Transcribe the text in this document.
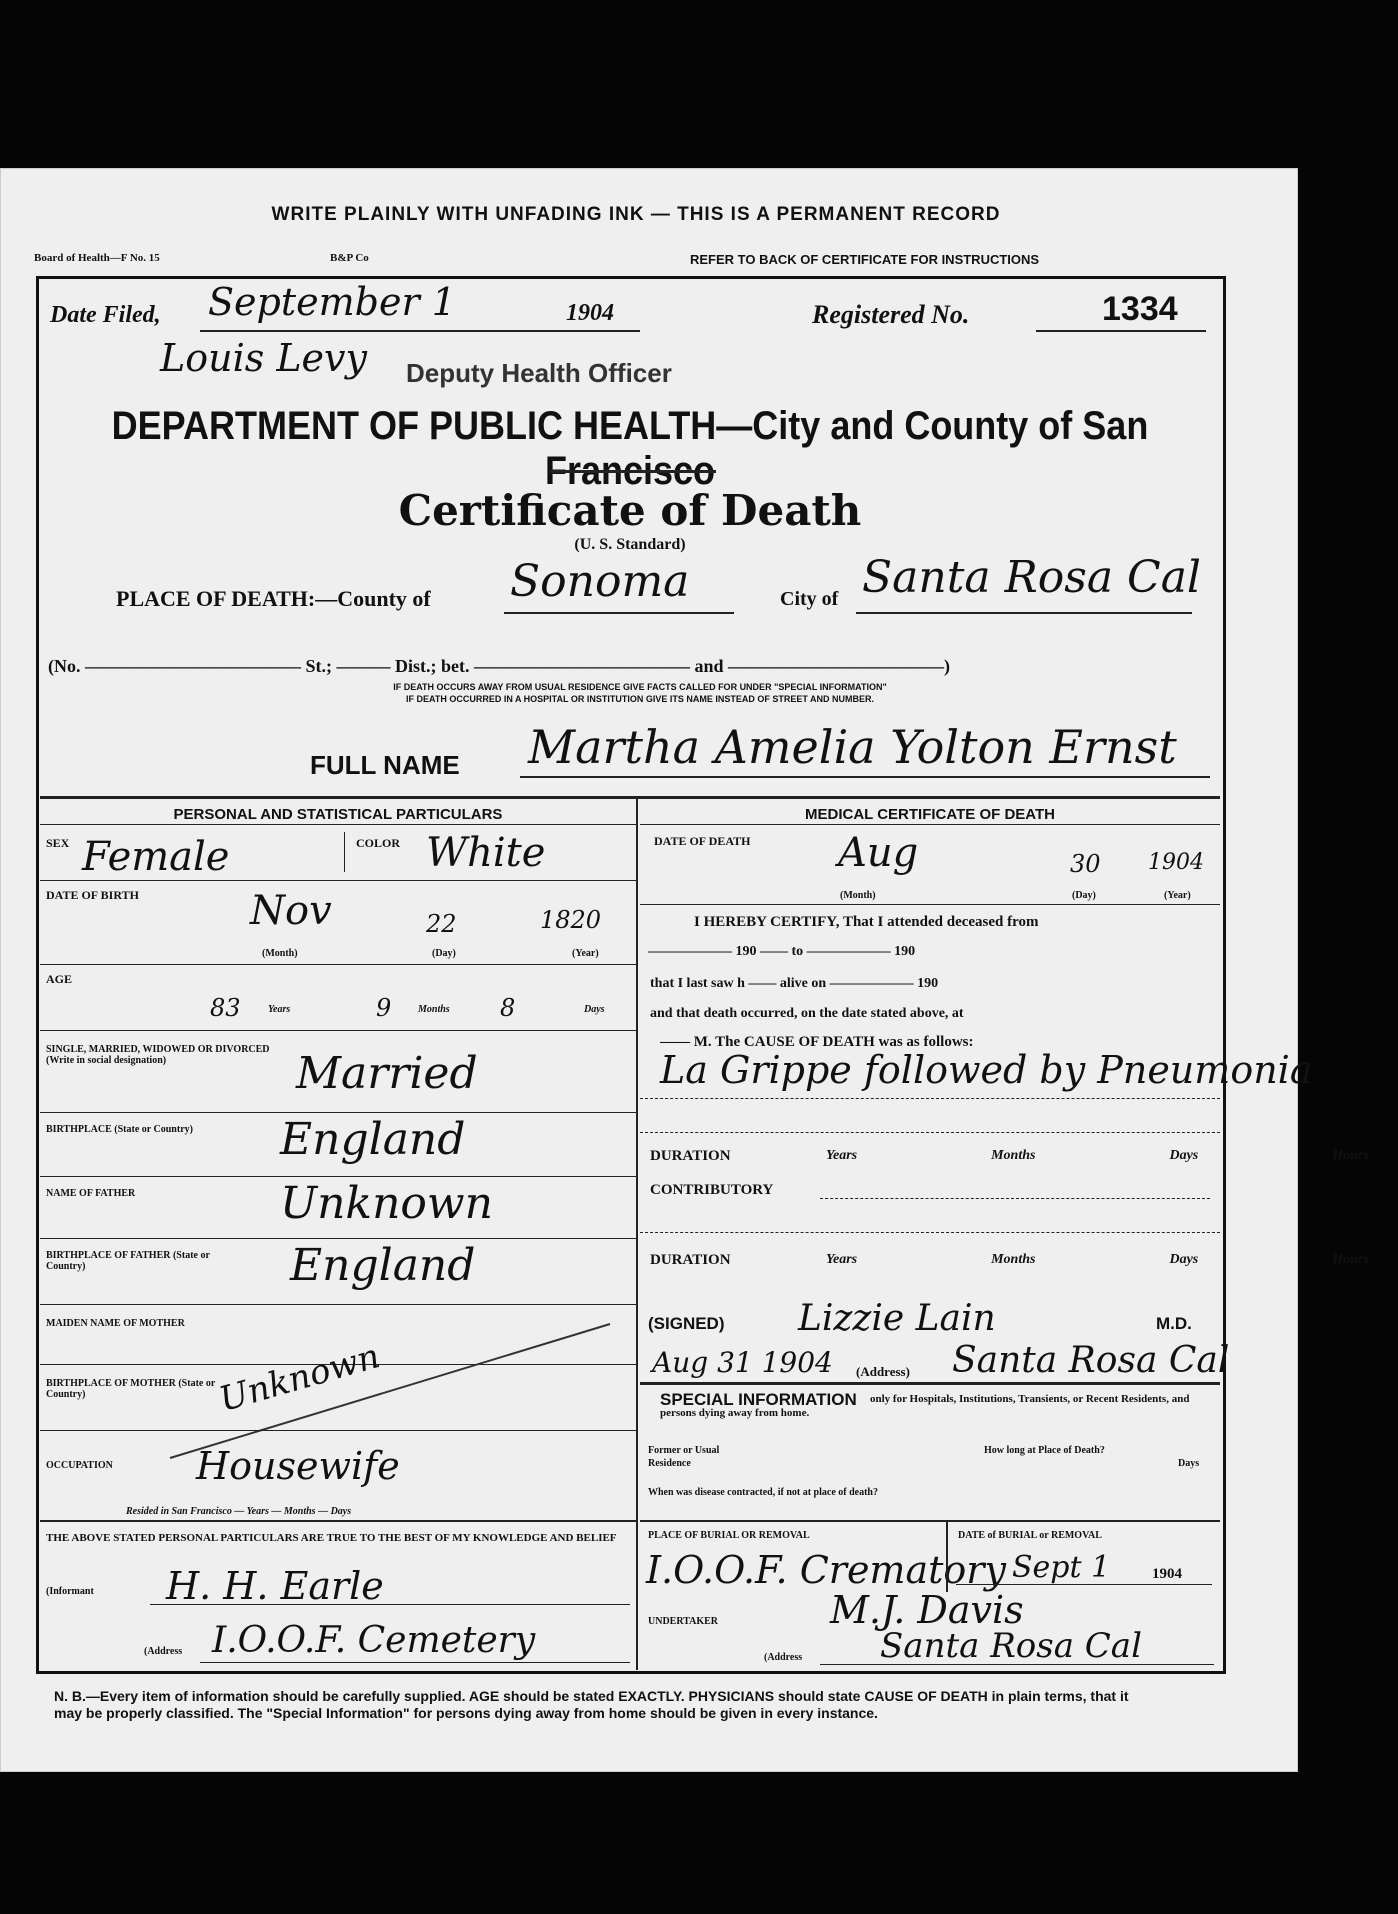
WRITE PLAINLY WITH UNFADING INK — THIS IS A PERMANENT RECORD
Board of Health—F No. 15	B&P Co	REFER TO BACK OF CERTIFICATE FOR INSTRUCTIONS
Date Filed, September 1	1904	Registered No.	1334
Louis Levy Deputy Health Officer
DEPARTMENT OF PUBLIC HEALTH—City and County of San Francisco
Certificate of Death
(U. S. Standard)
PLACE OF DEATH:—County of Sonoma	City of Santa Rosa Cal
(No. ———————————— St.; ——— Dist.; bet. ———————————— and ————————————)
IF DEATH OCCURS AWAY FROM USUAL RESIDENCE GIVE FACTS CALLED FOR UNDER "SPECIAL INFORMATION"
IF DEATH OCCURRED IN A HOSPITAL OR INSTITUTION GIVE ITS NAME INSTEAD OF STREET AND NUMBER.
FULL NAME Martha Amelia Yolton Ernst
PERSONAL AND STATISTICAL PARTICULARS
SEX Female	COLOR White
DATE OF BIRTH	Nov	22	1820
(Month)	(Day)	(Year)
AGE
83	Years	9	Months 8	Days
SINGLE, MARRIED, WIDOWED OR DIVORCED (Write in social designation)	Married
BIRTHPLACE (State or Country)	England
NAME OF FATHER	Unknown
BIRTHPLACE OF FATHER (State or Country)	England
MAIDEN NAME OF MOTHER
BIRTHPLACE OF MOTHER (State or Country)	Unknown
OCCUPATION Housewife
Resided in San Francisco — Years — Months — Days
THE ABOVE STATED PERSONAL PARTICULARS ARE TRUE TO THE BEST OF MY KNOWLEDGE AND BELIEF
(Informant H. H. Earle
(Address I.O.O.F. Cemetery
MEDICAL CERTIFICATE OF DEATH
DATE OF DEATH Aug	30 1904
(Month)	(Day)	(Year)
I HEREBY CERTIFY, That I attended deceased from
—————— 190 —— to —————— 190
that I last saw h —— alive on —————— 190
and that death occurred, on the date stated above, at
—— M. The CAUSE OF DEATH was as follows:
La Grippe followed by Pneumonia
DURATION	Years    Months    Days    Hours
CONTRIBUTORY
DURATION	Years    Months    Days    Hours
(SIGNED) Lizzie Lain	M.D.
Aug 31 1904 (Address) Santa Rosa Cal
SPECIAL INFORMATION	only for Hospitals, Institutions, Transients, or Recent Residents, and persons dying away from home.
Former or Usual Residence
How long at Place of Death?
Days
When was disease contracted, if not at place of death?
PLACE OF BURIAL OR REMOVAL
I.O.O.F. Crematory
DATE of BURIAL or REMOVAL
Sept 1	1904
UNDERTAKER	M.J. Davis
(Address Santa Rosa Cal
N. B.—Every item of information should be carefully supplied. AGE should be stated EXACTLY. PHYSICIANS should state CAUSE OF DEATH in plain terms, that it may be properly classified. The "Special Information" for persons dying away from home should be given in every instance.
